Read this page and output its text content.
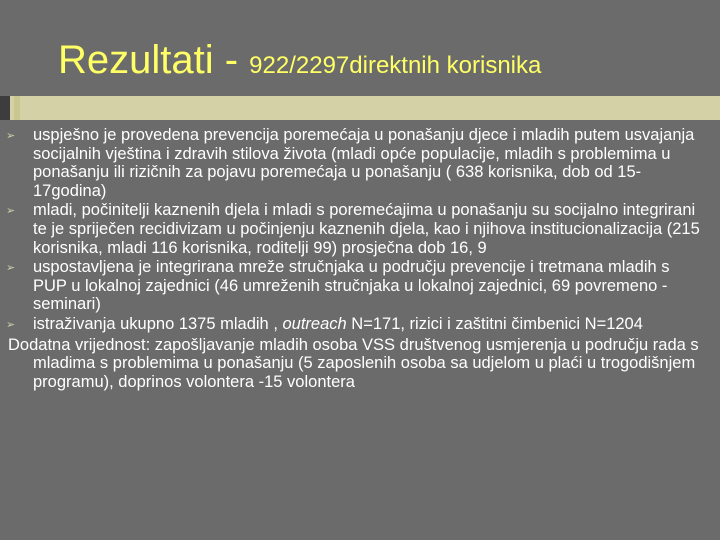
Rezultati - 922/2297direktnih korisnika
➢ uspješno je provedena prevencija poremećaja u ponašanju djece i mladih putem usvajanja socijalnih vještina i zdravih stilova života (mladi opće populacije, mladih s problemima u ponašanju ili rizičnih za pojavu poremećaja u ponašanju ( 638 korisnika, dob od 15-17godina)
➢ mladi, počinitelji kaznenih djela i mladi s poremećajima u ponašanju su socijalno integrirani te je spriječen recidivizam u počinjenju kaznenih djela, kao i njihova institucionalizacija (215 korisnika, mladi 116 korisnika, roditelji 99) prosječna dob 16, 9
➢ uspostavljena je integrirana mreže stručnjaka u području prevencije i tretmana mladih s PUP u lokalnoj zajednici (46 umreženih stručnjaka u lokalnoj zajednici, 69 povremeno - seminari)
➢ istraživanja ukupno 1375 mladih , outreach N=171, rizici i zaštitni čimbenici N=1204
Dodatna vrijednost: zapošljavanje mladih osoba VSS društvenog usmjerenja u području rada s mladima s problemima u ponašanju (5 zaposlenih osoba sa udjelom u plaći u trogodišnjem programu), doprinos volontera -15 volontera
